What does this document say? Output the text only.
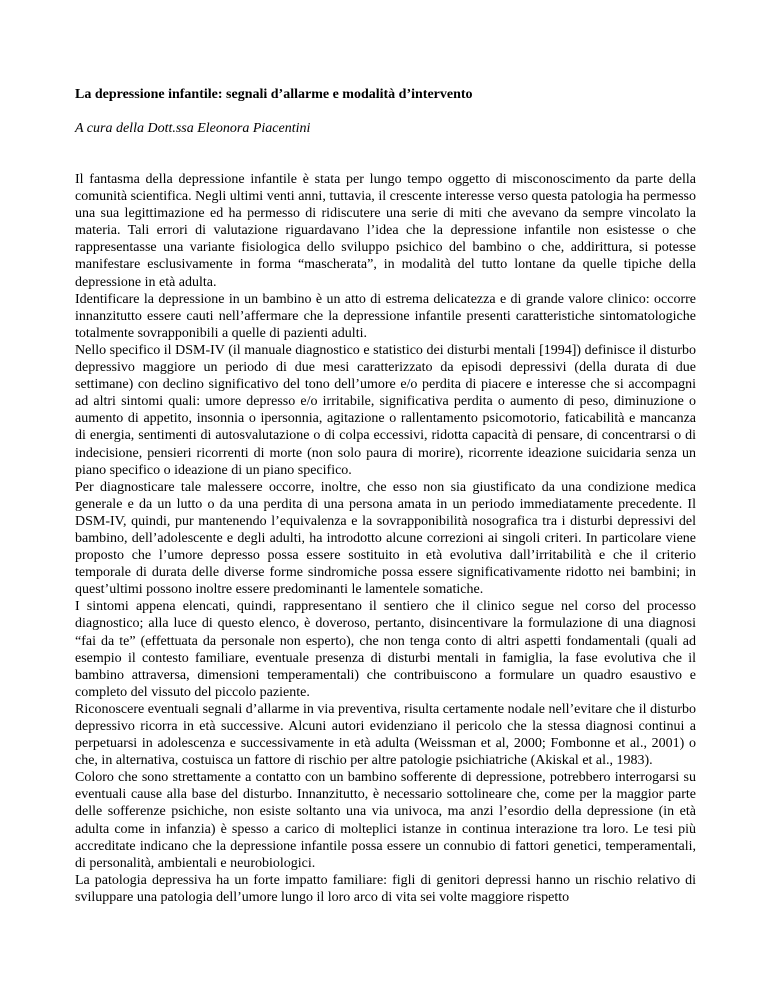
La depressione infantile: segnali d’allarme e modalità d’intervento

A cura della Dott.ssa Eleonora Piacentini

Il fantasma della depressione infantile è stata per lungo tempo oggetto di misconoscimento da parte della comunità scientifica. Negli ultimi venti anni, tuttavia, il crescente interesse verso questa patologia ha permesso una sua legittimazione ed ha permesso di ridiscutere una serie di miti che avevano da sempre vincolato la materia. Tali errori di valutazione riguardavano l’idea che la depressione infantile non esistesse o che rappresentasse una variante fisiologica dello sviluppo psichico del bambino o che, addirittura, si potesse manifestare esclusivamente in forma “mascherata”, in modalità del tutto lontane da quelle tipiche della depressione in età adulta.

Identificare la depressione in un bambino è un atto di estrema delicatezza e di grande valore clinico: occorre innanzitutto essere cauti nell’affermare che la depressione infantile presenti caratteristiche sintomatologiche totalmente sovrapponibili a quelle di pazienti adulti.

Nello specifico il DSM-IV (il manuale diagnostico e statistico dei disturbi mentali [1994]) definisce il disturbo depressivo maggiore un periodo di due mesi caratterizzato da episodi depressivi (della durata di due settimane) con declino significativo del tono dell’umore e/o perdita di piacere e interesse che si accompagni ad altri sintomi quali: umore depresso e/o irritabile, significativa perdita o aumento di peso, diminuzione o aumento di appetito, insonnia o ipersonnia, agitazione o rallentamento psicomotorio, faticabilità e mancanza di energia, sentimenti di autosvalutazione o di colpa eccessivi, ridotta capacità di pensare, di concentrarsi o di indecisione, pensieri ricorrenti di morte (non solo paura di morire), ricorrente ideazione suicidaria senza un piano specifico o ideazione di un piano specifico.

Per diagnosticare tale malessere occorre, inoltre, che esso non sia giustificato da una condizione medica generale e da un lutto o da una perdita di una persona amata in un periodo immediatamente precedente. Il DSM-IV, quindi, pur mantenendo l’equivalenza e la sovrapponibilità nosografica tra i disturbi depressivi del bambino, dell’adolescente e degli adulti, ha introdotto alcune correzioni ai singoli criteri. In particolare viene proposto che l’umore depresso possa essere sostituito in età evolutiva dall’irritabilità e che il criterio temporale di durata delle diverse forme sindromiche possa essere significativamente ridotto nei bambini; in quest’ultimi possono inoltre essere predominanti le lamentele somatiche.

I sintomi appena elencati, quindi, rappresentano il sentiero che il clinico segue nel corso del processo diagnostico; alla luce di questo elenco, è doveroso, pertanto, disincentivare la formulazione di una diagnosi “fai da te” (effettuata da personale non esperto), che non tenga conto di altri aspetti fondamentali (quali ad esempio il contesto familiare, eventuale presenza di disturbi mentali in famiglia, la fase evolutiva che il bambino attraversa, dimensioni temperamentali) che contribuiscono a formulare un quadro esaustivo e completo del vissuto del piccolo paziente.

Riconoscere eventuali segnali d’allarme in via preventiva, risulta certamente nodale nell’evitare che il disturbo depressivo ricorra in età successive. Alcuni autori evidenziano il pericolo che la stessa diagnosi continui a perpetuarsi in adolescenza e successivamente in età adulta (Weissman et al, 2000; Fombonne et al., 2001) o che, in alternativa, costuisca un fattore di rischio per altre patologie psichiatriche (Akiskal et al., 1983).

Coloro che sono strettamente a contatto con un bambino sofferente di depressione, potrebbero interrogarsi su eventuali cause alla base del disturbo. Innanzitutto, è necessario sottolineare che, come per la maggior parte delle sofferenze psichiche, non esiste soltanto una via univoca, ma anzi l’esordio della depressione (in età adulta come in infanzia) è spesso a carico di molteplici istanze in continua interazione tra loro. Le tesi più accreditate indicano che la depressione infantile possa essere un connubio di fattori genetici, temperamentali, di personalità, ambientali e neurobiologici.

La patologia depressiva ha un forte impatto familiare: figli di genitori depressi hanno un rischio relativo di sviluppare una patologia dell’umore lungo il loro arco di vita sei volte maggiore rispetto
